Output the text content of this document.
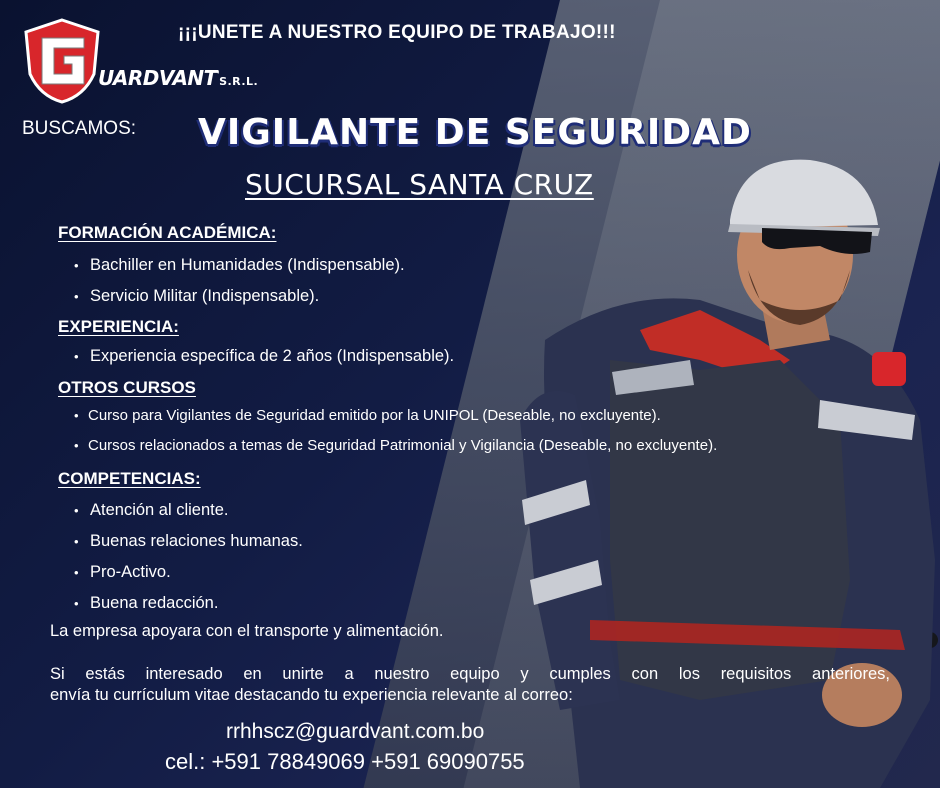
UARDVANT'S.R.L.
¡¡¡UNETE A NUESTRO EQUIPO DE TRABAJO!!!
BUSCAMOS: VIGILANTE DE SEGURIDAD
SUCURSAL SANTA CRUZ
FORMACIÓN ACADÉMICA:
• Bachiller en Humanidades (Indispensable).
• Servicio Militar (Indispensable).
EXPERIENCIA:
• Experiencia específica de 2 años (Indispensable).
OTROS CURSOS
• Curso para Vigilantes de Seguridad emitido por la UNIPOL (Deseable, no excluyente).
• Cursos relacionados a temas de Seguridad Patrimonial y Vigilancia (Deseable, no excluyente).
COMPETENCIAS:
• Atención al cliente.
• Buenas relaciones humanas.
• Pro-Activo.
• Buena redacción.
La empresa apoyara con el transporte y alimentación.
Si estás interesado en unirte a nuestro equipo y cumples con los requisitos anteriores,
envía tu currículum vitae destacando tu experiencia relevante al correo:
rrhhscz@guardvant.com.bo
cel.: +591 78849069 +591 69090755
